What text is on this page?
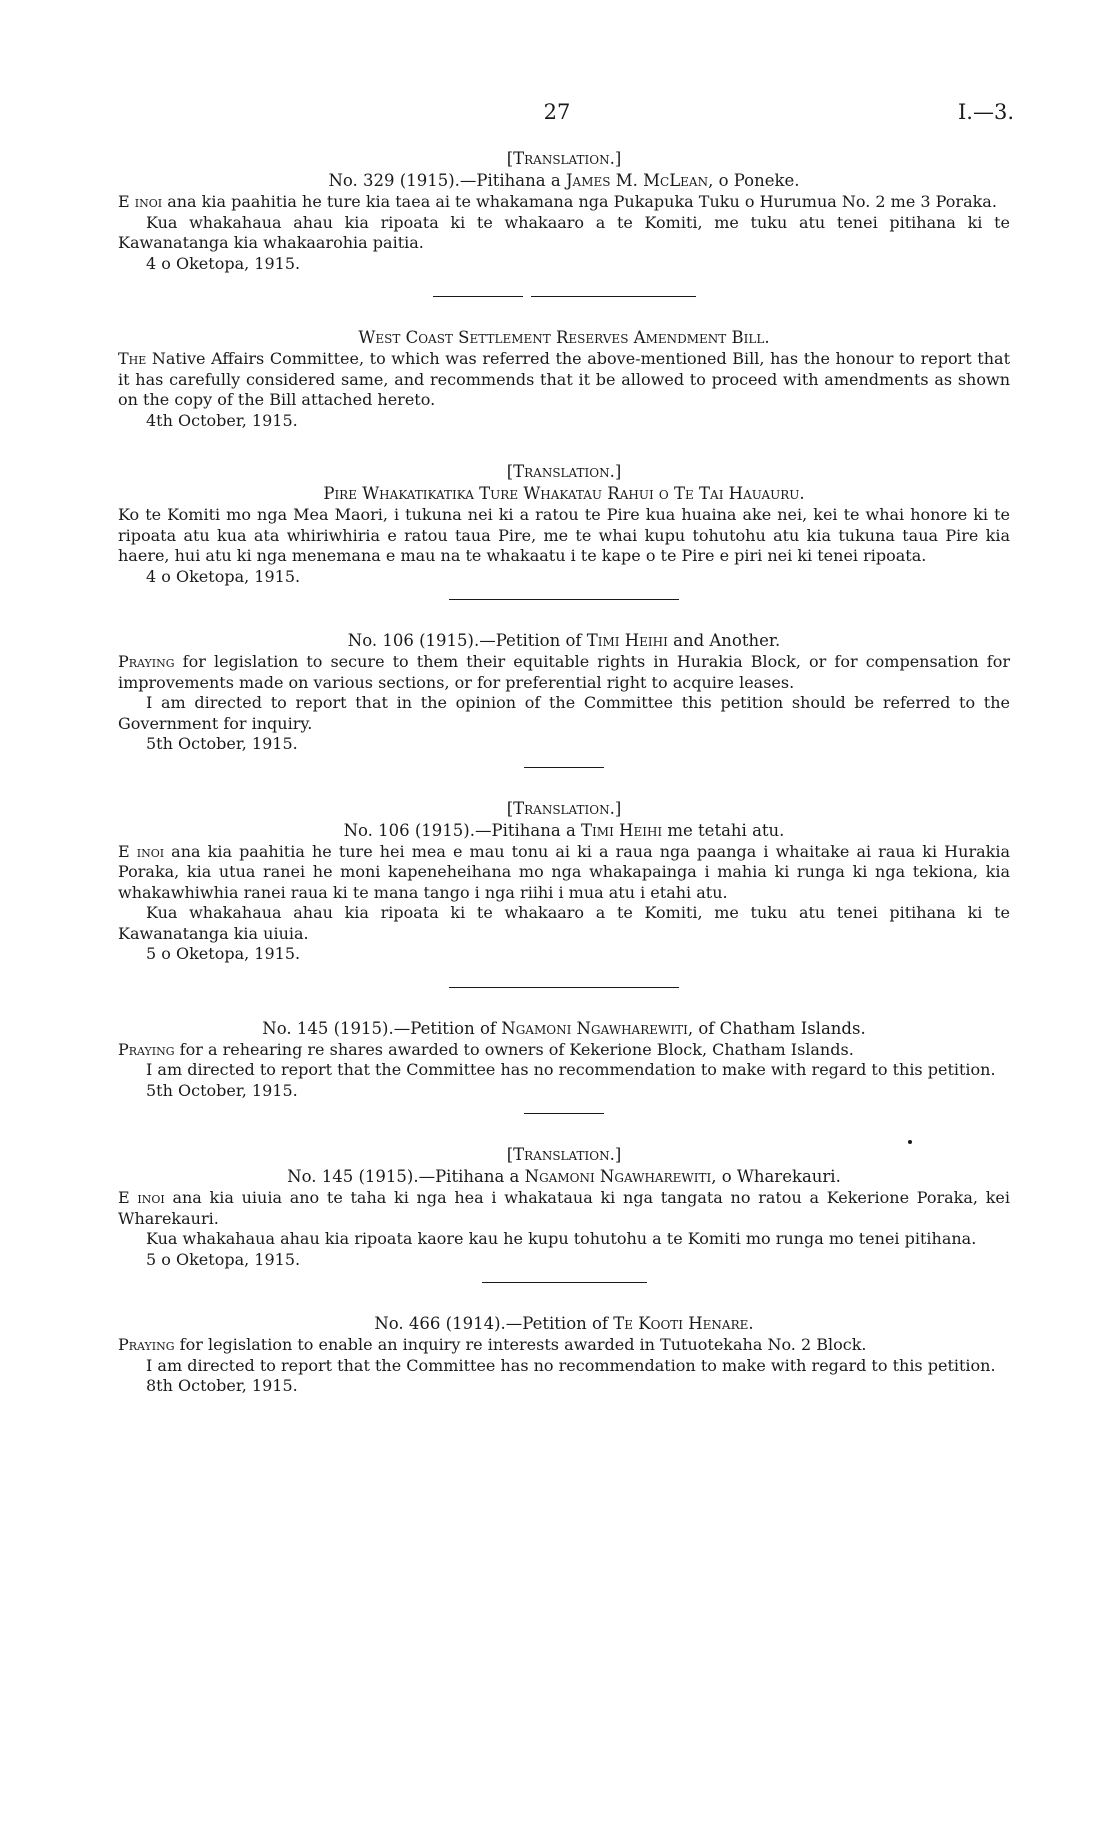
27	I.—3.

[Translation.]

No. 329 (1915).—Pitihana a James M. McLean, o Poneke.

E inoi ana kia paahitia he ture kia taea ai te whakamana nga Pukapuka Tuku o Hurumua No. 2 me 3 Poraka.

Kua whakahaua ahau kia ripoata ki te whakaaro a te Komiti, me tuku atu tenei pitihana ki te Kawanatanga kia whakaarohia paitia.

4 o Oketopa, 1915.

West Coast Settlement Reserves Amendment Bill.

The Native Affairs Committee, to which was referred the above-mentioned Bill, has the honour to report that it has carefully considered same, and recommends that it be allowed to proceed with amendments as shown on the copy of the Bill attached hereto.

4th October, 1915.

[Translation.]

Pire Whakatikatika Ture Whakatau Rahui o Te Tai Hauauru.

Ko te Komiti mo nga Mea Maori, i tukuna nei ki a ratou te Pire kua huaina ake nei, kei te whai honore ki te ripoata atu kua ata whiriwhiria e ratou taua Pire, me te whai kupu tohutohu atu kia tukuna taua Pire kia haere, hui atu ki nga menemana e mau na te whakaatu i te kape o te Pire e piri nei ki tenei ripoata.

4 o Oketopa, 1915.

No. 106 (1915).—Petition of Timi Heihi and Another.

Praying for legislation to secure to them their equitable rights in Hurakia Block, or for compensation for improvements made on various sections, or for preferential right to acquire leases.

I am directed to report that in the opinion of the Committee this petition should be referred to the Government for inquiry.

5th October, 1915.

[Translation.]

No. 106 (1915).—Pitihana a Timi Heihi me tetahi atu.

E inoi ana kia paahitia he ture hei mea e mau tonu ai ki a raua nga paanga i whaitake ai raua ki Hurakia Poraka, kia utua ranei he moni kapeneheihana mo nga whakapainga i mahia ki runga ki nga tekiona, kia whakawhiwhia ranei raua ki te mana tango i nga riihi i mua atu i etahi atu.

Kua whakahaua ahau kia ripoata ki te whakaaro a te Komiti, me tuku atu tenei pitihana ki te Kawanatanga kia uiuia.

5 o Oketopa, 1915.

No. 145 (1915).—Petition of Ngamoni Ngawharewiti, of Chatham Islands.

Praying for a rehearing re shares awarded to owners of Kekerione Block, Chatham Islands.

I am directed to report that the Committee has no recommendation to make with regard to this petition.

5th October, 1915.

[Translation.]

No. 145 (1915).—Pitihana a Ngamoni Ngawharewiti, o Wharekauri.

E inoi ana kia uiuia ano te taha ki nga hea i whakataua ki nga tangata no ratou a Kekerione Poraka, kei Wharekauri.

Kua whakahaua ahau kia ripoata kaore kau he kupu tohutohu a te Komiti mo runga mo tenei pitihana.

5 o Oketopa, 1915.

No. 466 (1914).—Petition of Te Kooti Henare.

Praying for legislation to enable an inquiry re interests awarded in Tutuotekaha No. 2 Block.

I am directed to report that the Committee has no recommendation to make with regard to this petition.

8th October, 1915.
